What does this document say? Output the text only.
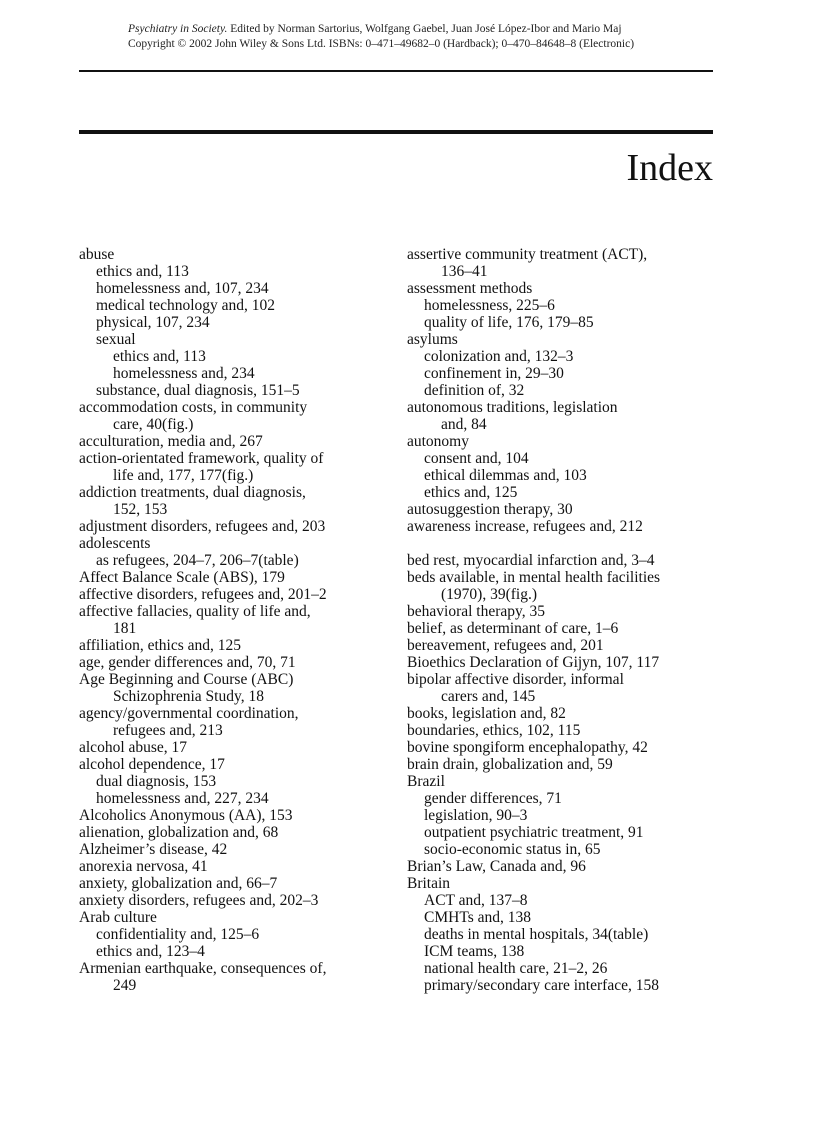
Psychiatry in Society. Edited by Norman Sartorius, Wolfgang Gaebel, Juan José López-Ibor and Mario Maj
Copyright © 2002 John Wiley & Sons Ltd. ISBNs: 0–471–49682–0 (Hardback); 0–470–84648–8 (Electronic)
Index
abuse
ethics and, 113
homelessness and, 107, 234
medical technology and, 102
physical, 107, 234
sexual
ethics and, 113
homelessness and, 234
substance, dual diagnosis, 151–5
accommodation costs, in community
care, 40(fig.)
acculturation, media and, 267
action-orientated framework, quality of
life and, 177, 177(fig.)
addiction treatments, dual diagnosis,
152, 153
adjustment disorders, refugees and, 203
adolescents
as refugees, 204–7, 206–7(table)
Affect Balance Scale (ABS), 179
affective disorders, refugees and, 201–2
affective fallacies, quality of life and,
181
affiliation, ethics and, 125
age, gender differences and, 70, 71
Age Beginning and Course (ABC)
Schizophrenia Study, 18
agency/governmental coordination,
refugees and, 213
alcohol abuse, 17
alcohol dependence, 17
dual diagnosis, 153
homelessness and, 227, 234
Alcoholics Anonymous (AA), 153
alienation, globalization and, 68
Alzheimer’s disease, 42
anorexia nervosa, 41
anxiety, globalization and, 66–7
anxiety disorders, refugees and, 202–3
Arab culture
confidentiality and, 125–6
ethics and, 123–4
Armenian earthquake, consequences of,
249
assertive community treatment (ACT),
136–41
assessment methods
homelessness, 225–6
quality of life, 176, 179–85
asylums
colonization and, 132–3
confinement in, 29–30
definition of, 32
autonomous traditions, legislation
and, 84
autonomy
consent and, 104
ethical dilemmas and, 103
ethics and, 125
autosuggestion therapy, 30
awareness increase, refugees and, 212
bed rest, myocardial infarction and, 3–4
beds available, in mental health facilities
(1970), 39(fig.)
behavioral therapy, 35
belief, as determinant of care, 1–6
bereavement, refugees and, 201
Bioethics Declaration of Gijyn, 107, 117
bipolar affective disorder, informal
carers and, 145
books, legislation and, 82
boundaries, ethics, 102, 115
bovine spongiform encephalopathy, 42
brain drain, globalization and, 59
Brazil
gender differences, 71
legislation, 90–3
outpatient psychiatric treatment, 91
socio-economic status in, 65
Brian’s Law, Canada and, 96
Britain
ACT and, 137–8
CMHTs and, 138
deaths in mental hospitals, 34(table)
ICM teams, 138
national health care, 21–2, 26
primary/secondary care interface, 158
